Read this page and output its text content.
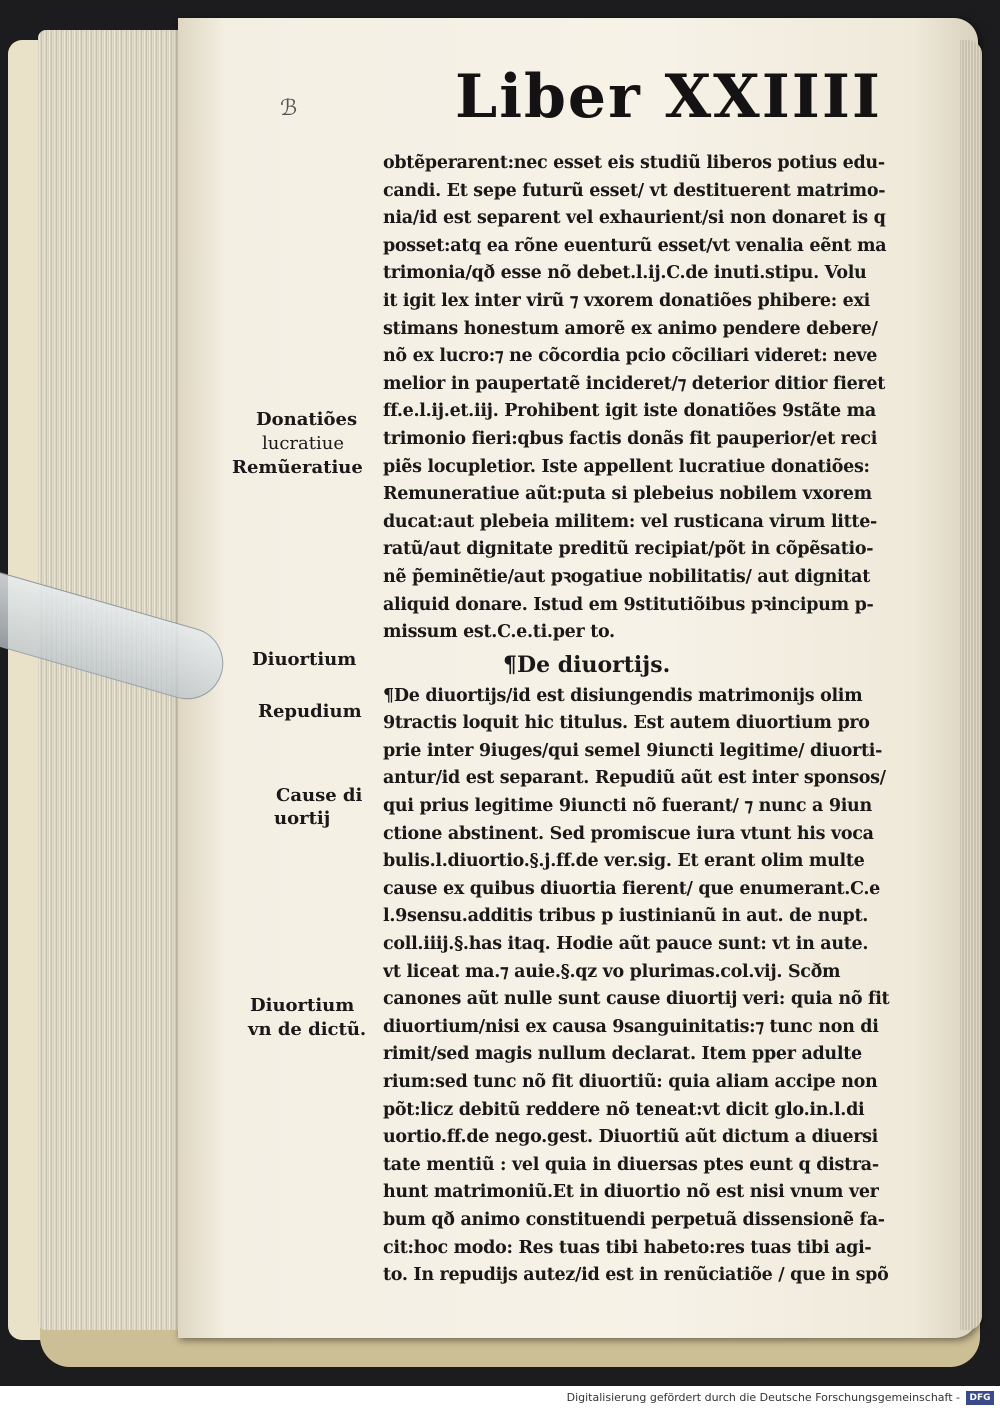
ℬ	Liber XXIIII
obtẽperarent:nec esset eis studiũ liberos potius edu-
candi. Et sepe futurũ esset/ vt destituerent matrimo-
nia/id est separent vel exhaurient/si non donaret is q
posset:atq ea rõne euenturũ esset/vt venalia eẽnt ma
trimonia/qð esse nõ debet.l.ij.C.de inuti.stipu. Volu
it igit lex inter virũ ⁊ vxorem donatiões phibere: exi
stimans honestum amorẽ ex animo pendere debere/
nõ ex lucro:⁊ ne cõcordia pcio cõciliari videret: neve
melior in paupertatẽ incideret/⁊ deterior ditior fieret
ff.e.l.ij.et.iij. Prohibent igit iste donatiões 9stãte ma
trimonio fieri:qbus factis donãs fit pauperior/et reci
piẽs locupletior. Iste appellent lucratiue donatiões:
Remuneratiue aũt:puta si plebeius nobilem vxorem
ducat:aut plebeia militem: vel rusticana virum litte-
ratũ/aut dignitate preditũ recipiat/põt in cõpẽsatio-
nẽ p̃eminẽtie/aut pꝛogatiue nobilitatis/ aut dignitat
aliquid donare. Istud em 9stitutiõibus pꝛincipum p-
missum est.C.e.ti.per to.
¶De diuortijs.
¶De diuortijs/id est disiungendis matrimonijs olim
9tractis loquit hic titulus. Est autem diuortium pro
prie inter 9iuges/qui semel 9iuncti legitime/ diuorti-
antur/id est separant. Repudiũ aũt est inter sponsos/
qui prius legitime 9iuncti nõ fuerant/ ⁊ nunc a 9iun
ctione abstinent. Sed promiscue iura vtunt his voca
bulis.l.diuortio.§.j.ff.de ver.sig. Et erant olim multe
cause ex quibus diuortia fierent/ que enumerant.C.e
l.9sensu.additis tribus p iustinianũ in aut. de nupt.
coll.iiij.§.has itaq. Hodie aũt pauce sunt: vt in aute.
vt liceat ma.⁊ auie.§.qz vo plurimas.col.vij. Scðm
canones aũt nulle sunt cause diuortij veri: quia nõ fit
diuortium/nisi ex causa 9sanguinitatis:⁊ tunc non di
rimit/sed magis nullum declarat. Item pper adulte
rium:sed tunc nõ fit diuortiũ: quia aliam accipe non
põt:licz debitũ reddere nõ teneat:vt dicit glo.in.l.di
uortio.ff.de nego.gest. Diuortiũ aũt dictum a diuersi
tate mentiũ : vel quia in diuersas ptes eunt q distra-
hunt matrimoniũ.Et in diuortio nõ est nisi vnum ver
bum qð animo constituendi perpetuã dissensionẽ fa-
cit:hoc modo: Res tuas tibi habeto:res tuas tibi agi-
to. In repudijs autez/id est in renũciatiõe / que in spõ
Donatiões
lucratiue
Remũeratiue
Diuortium
Repudium
Cause di
uortij
Diuortium
vn de dictũ.
Digitalisierung gefördert durch die Deutsche Forschungsgemeinschaft -	DFG
